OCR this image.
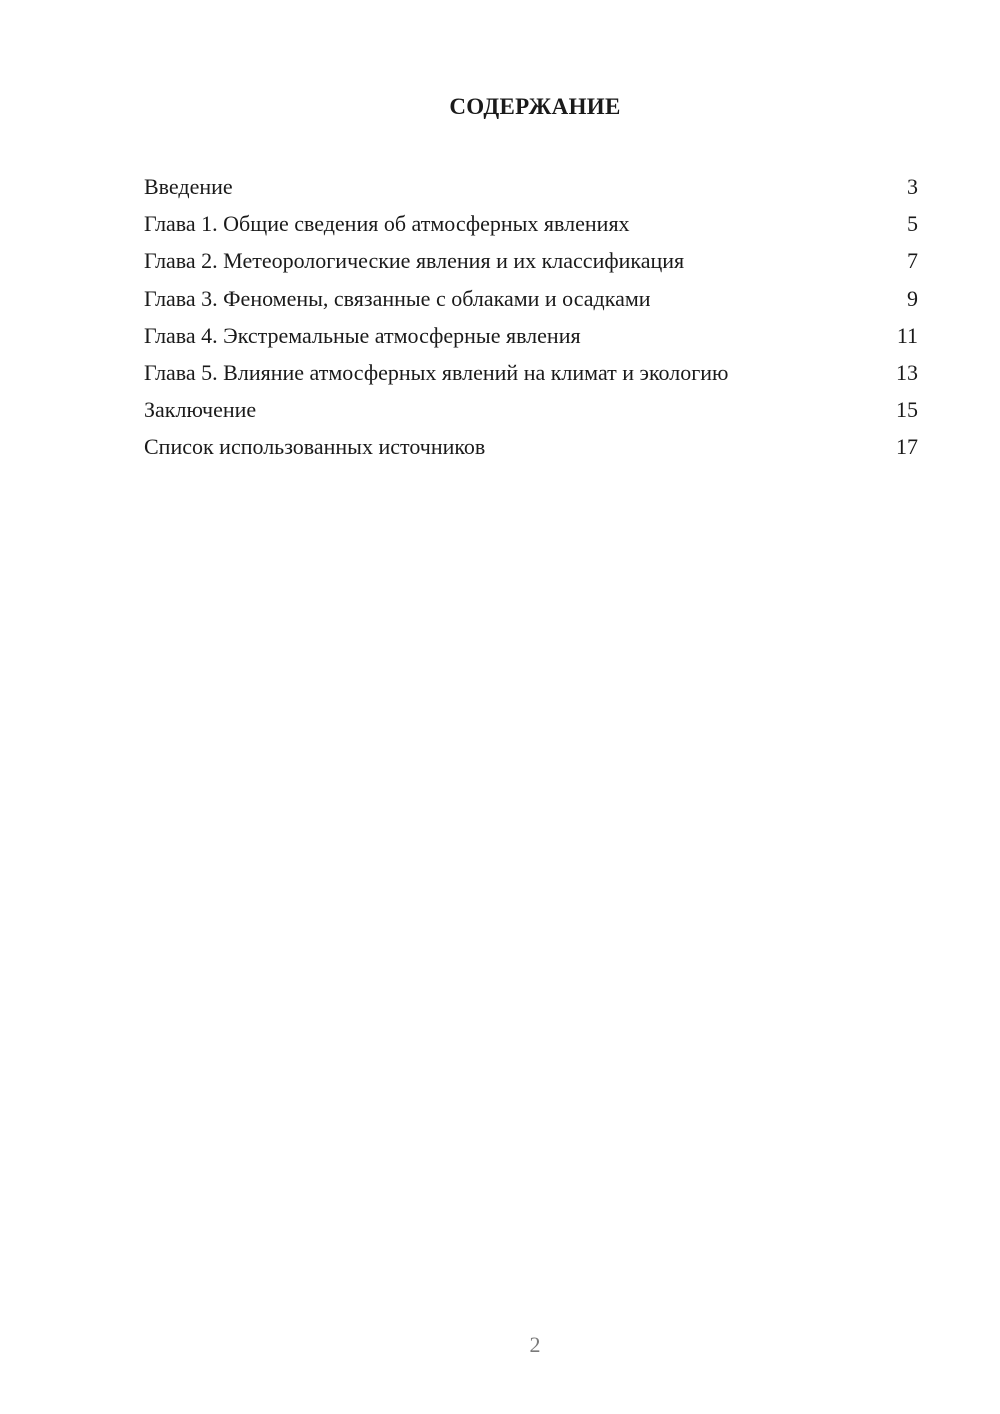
СОДЕРЖАНИЕ
Введение	3
Глава 1. Общие сведения об атмосферных явлениях	5
Глава 2. Метеорологические явления и их классификация	7
Глава 3. Феномены, связанные с облаками и осадками	9
Глава 4. Экстремальные атмосферные явления	11
Глава 5. Влияние атмосферных явлений на климат и экологию	13
Заключение	15
Список использованных источников	17
2
